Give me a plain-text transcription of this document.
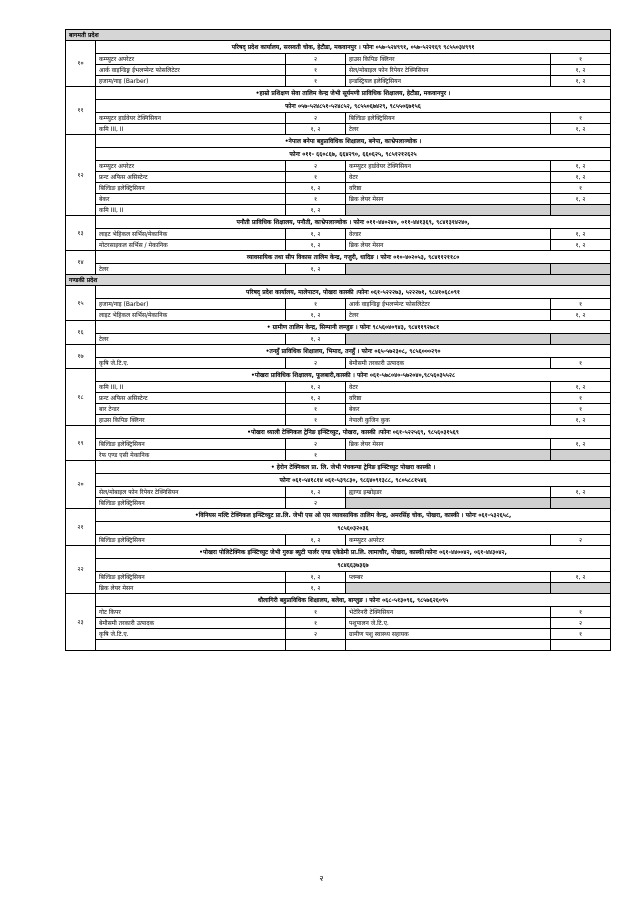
बागमती प्रदेश				
१०	परिषद् प्रदेश कार्यालय, सरस्वती चोक, हेटौडा, मकवानपुर । फोनः ०५७-५२४९९१, ०५७-५२२१६९ ९८५५०३४९९१			
	कम्प्युटर अपरेटर	२	हाउस किपिङ क्लिनर	१
	आर्क वाइन्डिङ्ग ईभलप्मेन्ट फोसलिटेटर	१	सेल/मोबाइल फोन रिपेयर टेक्निसियन	१, २
	हजाम/नाइ (Barber)	१	इन्डस्ट्रियल इलेक्ट्रिसियन	१, २
११	•हाम्रो प्रशिक्षण सेवा तालिम केन्द्र जेभी सूर्यमणी प्राविधिक शिक्षालय, हेटौडा, मकवानपुर ।			
	फोनः ०५७-५२४८५१-५२४८५२, ९८५५०६७४२९, ९८५५०६७१५६			
	कम्प्युटर हार्डवेयर टेक्निसियन	२	बिल्डिङ इलेक्ट्रिसियन	१
	कमि III, II	१, २	टेलर	१, २
१२	•नेपाल बनेपा बहुप्राविधिक शिक्षालय, बनेपा, काभ्रेपलाञ्चोक ।			
	फोनः ०११- ६६०८६७, ६६४२९०, ६६०६२५, ९८५१२१२६२५			
	कम्प्युटर अपरेटर	२	कम्प्युटर हार्डवेयर टेक्निसियन	१, २
	फ्रन्ट अफिस असिस्टेन्ट	१	वेटर	१, २
	बिल्डिङ इलेक्ट्रिसियन	१, २	वरिष्ठा	१
	बेकर	१	ब्रिक लेयर मेसन	१, २
	कमि III, II	१, २		
१३	पनौती प्राविधिक शिक्षालय, पनौती, काभ्रेपलाञ्चोक । फोनः ०११-४४०२४०, ०११-४४१३६९, ९८४१३१४२४०,			
	लाइट भेहिकल सर्भिस/मेकानिक	१, २	वेल्डर	१, २
	मोटरसाइकल सर्भिस / मेकानिक	१, २	ब्रिक लेयर मेसन	१, २
१४	व्यावसायिक तथा सीप विकास तालिम केन्द्र, गजुरी, धादिङ । फोनः ०१०-४०२०५३, ९८४११२११८०			
	टेलर	१, २		
गण्डकी प्रदेश				
१५	परिषद् प्रदेश कार्यालय, मालेपाटन, पोखरा कास्की ।फोनः ०६१-५२२२७३, ५२२२७१, ९८४१०६८०९१			
	हजाम/नाइ (Barber)	१	आर्क वाइन्डिङ्ग ईभलप्मेन्ट फोसलिटेटर	१
	लाइट भेहिकल सर्भिस/मेकानिक	१, २	टेलर	१, २
१६	• ग्रामीण तालिम केन्द्र, सिम्पानी लम्जुङ । फोनः ९८५६०४०९४३, ९८४११९२७८१			
	टेलर	१, २		
१७	•तनहुँ प्राविधिक शिक्षालय, भिमाद, तनहुँ । फोनः ०६५-५७२३०८, ९८५६०००२९०			
	कृषि जे.टि.ए.	२	बेमौसमी तरकारी उत्पादक	१
१८	•पोखरा प्राविधिक शिक्षालय, फूलबारी,कास्की । फोनः ०६१-५७८०४०-५७२०४०,९८५६०३५५२८			
	कमि III, II	१, २	वेटर	१, २
	फ्रन्ट अफिस असिस्टेन्ट	१, २	वरिष्ठा	१
	बार टेन्डर	१	बेकर	१
	हाउस किपिङ क्लिनर	१	नेपाली कुजिन कुक	१, २
१९	•पोखरा ध्याली टेक्निकल ट्रेनिङ इन्स्टिच्युट, पोखरा, कास्की ।फोनः ०६१-५२२५६९, ९८५६०३१५६९			
	बिल्डिङ इलेक्ट्रिसियन	२	ब्रिक लेयर मेसन	१, २
	रेफ एण्ड एसी मेकानिक	१		
२०	• हेरोन टेक्निकल प्रा. लि. जेभी पंचकन्या ट्रेनिङ इन्स्टिच्युट पोखरा कास्की ।			
	फोनः ०६१-५४१८१४ ०६१-५३९८३०, ९८६४०९१३८८, ९८०५८८१५४६			
	सेल/मोबाइल फोन रिपेयर टेक्निसियन	१, २	ह्याण्ड इम्ब्रोइडर	१, २
	बिल्डिङ इलेक्ट्रिसियन	२		
२१	•विनियस मल्टि टेक्निकल इन्स्टिच्युट प्रा.लि. जेभी एस ओ एस व्यावसायिक तालिम केन्द्र, अमरसिंह चोक, पोखरा, कास्की । फोनः ०६१-५३२६५८,			
	९८५६०३२०३६			
	बिल्डिङ इलेक्ट्रिसियन	१, २	कम्प्युटर अपरेटर	२
२२	•पोखरा पोलिटेक्निक इन्स्टिच्युट जेभी गुरुङ ब्युटी पार्लर एण्ड एकेडेमी प्रा.लि. लामाचौर, पोखरा, कास्की।फोनः ०६१-४४००४२, ०६१-४४३०४२,			
	९८४६६३७३६७			
	बिल्डिङ इलेक्ट्रिसियन	१, २	प्लम्बर	१, २
	ब्रिक लेयर मेसन	१, २		
२३	धौलागिरी बहुप्राविधिक शिक्षालय, बलेवा, बाग्लुङ । फोनः ०६८-५१३०९६, ९८५७६२६०९५			
	गोट किपर	१	भेटेरिनरी टेक्निसियन	१
	बेमौसमी तरकारी उत्पादक	१	पशुपालन जे.टि.ए.	२
	कृषि जे.टि.ए.	२	ग्रामीण पशु स्वास्थ्य सहायक	१

२
